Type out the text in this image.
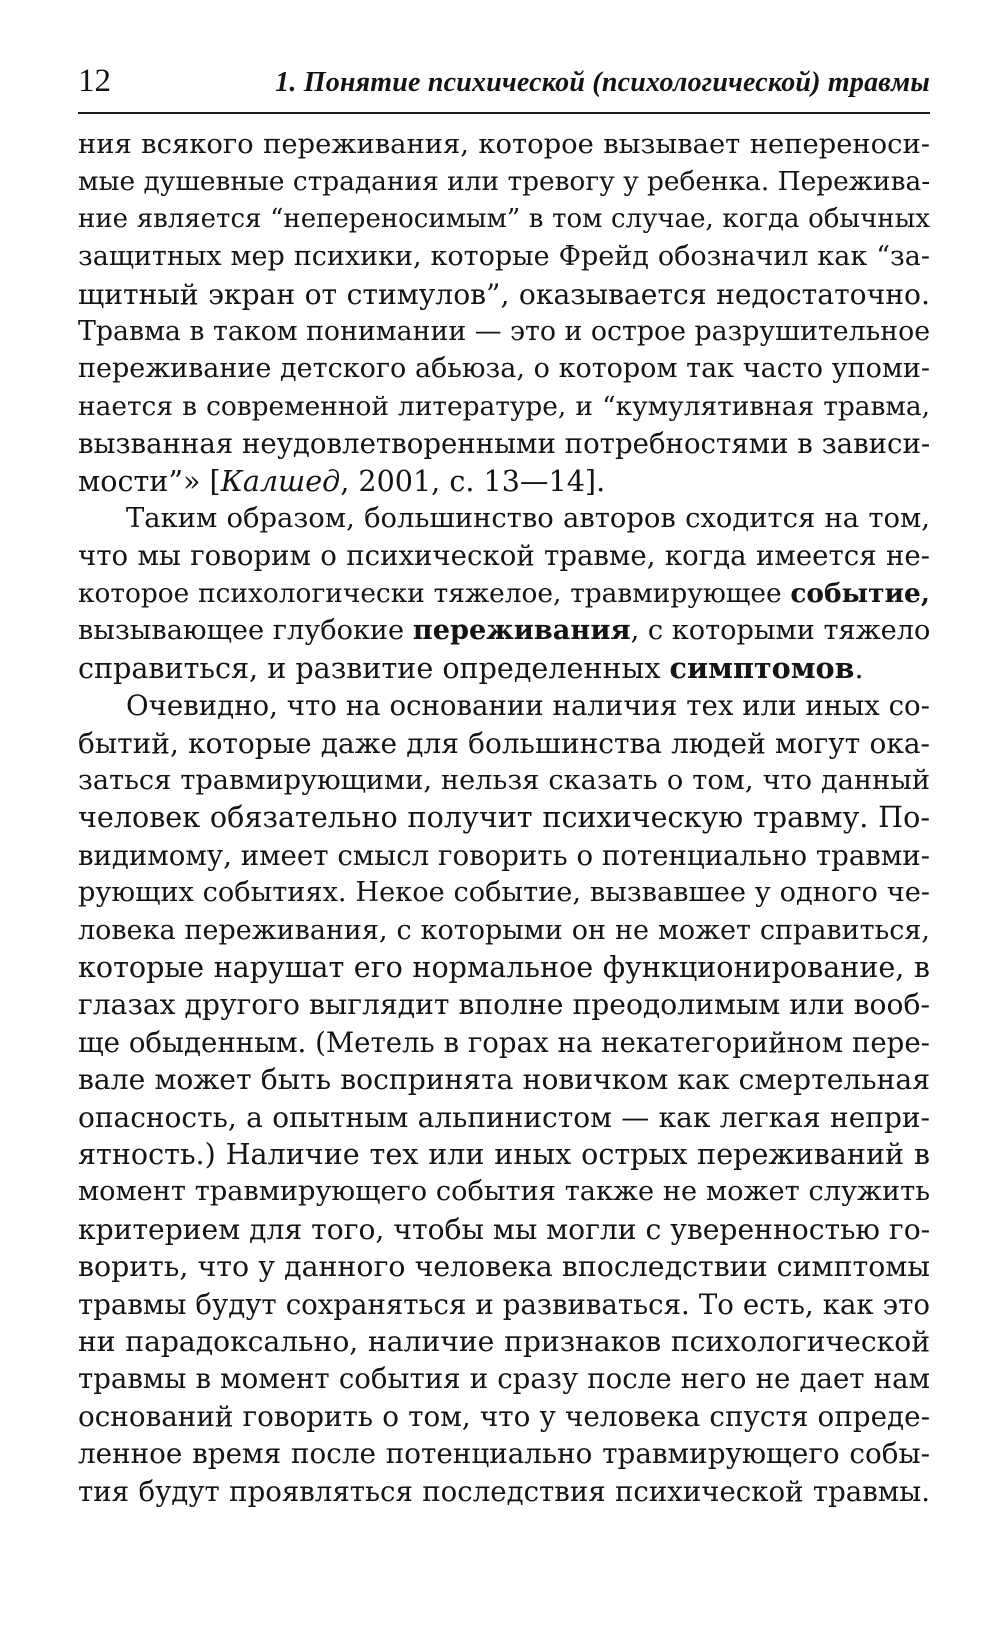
12	1. Понятие психической (психологической) травмы
ния всякого переживания, которое вызывает непереноси-
мые душевные страдания или тревогу у ребенка. Пережива-
ние является “непереносимым” в том случае, когда обычных
защитных мер психики, которые Фрейд обозначил как “за-
щитный экран от стимулов”, оказывается недостаточно.
Травма в таком понимании — это и острое разрушительное
переживание детского абьюза, о котором так часто упоми-
нается в современной литературе, и “кумулятивная травма,
вызванная неудовлетворенными потребностями в зависи-
мости”» [Калшед, 2001, с. 13—14].
Таким образом, большинство авторов сходится на том,
что мы говорим о психической травме, когда имеется не-
которое психологически тяжелое, травмирующее событие,
вызывающее глубокие переживания, с которыми тяжело
справиться, и развитие определенных симптомов.
Очевидно, что на основании наличия тех или иных со-
бытий, которые даже для большинства людей могут ока-
заться травмирующими, нельзя сказать о том, что данный
человек обязательно получит психическую травму. По-
видимому, имеет смысл говорить о потенциально травми-
рующих событиях. Некое событие, вызвавшее у одного че-
ловека переживания, с которыми он не может справиться,
которые нарушат его нормальное функционирование, в
глазах другого выглядит вполне преодолимым или вооб-
ще обыденным. (Метель в горах на некатегорийном пере-
вале может быть воспринята новичком как смертельная
опасность, а опытным альпинистом — как легкая непри-
ятность.) Наличие тех или иных острых переживаний в
момент травмирующего события также не может служить
критерием для того, чтобы мы могли с уверенностью го-
ворить, что у данного человека впоследствии симптомы
травмы будут сохраняться и развиваться. То есть, как это
ни парадоксально, наличие признаков психологической
травмы в момент события и сразу после него не дает нам
оснований говорить о том, что у человека спустя опреде-
ленное время после потенциально травмирующего собы-
тия будут проявляться последствия психической травмы.
